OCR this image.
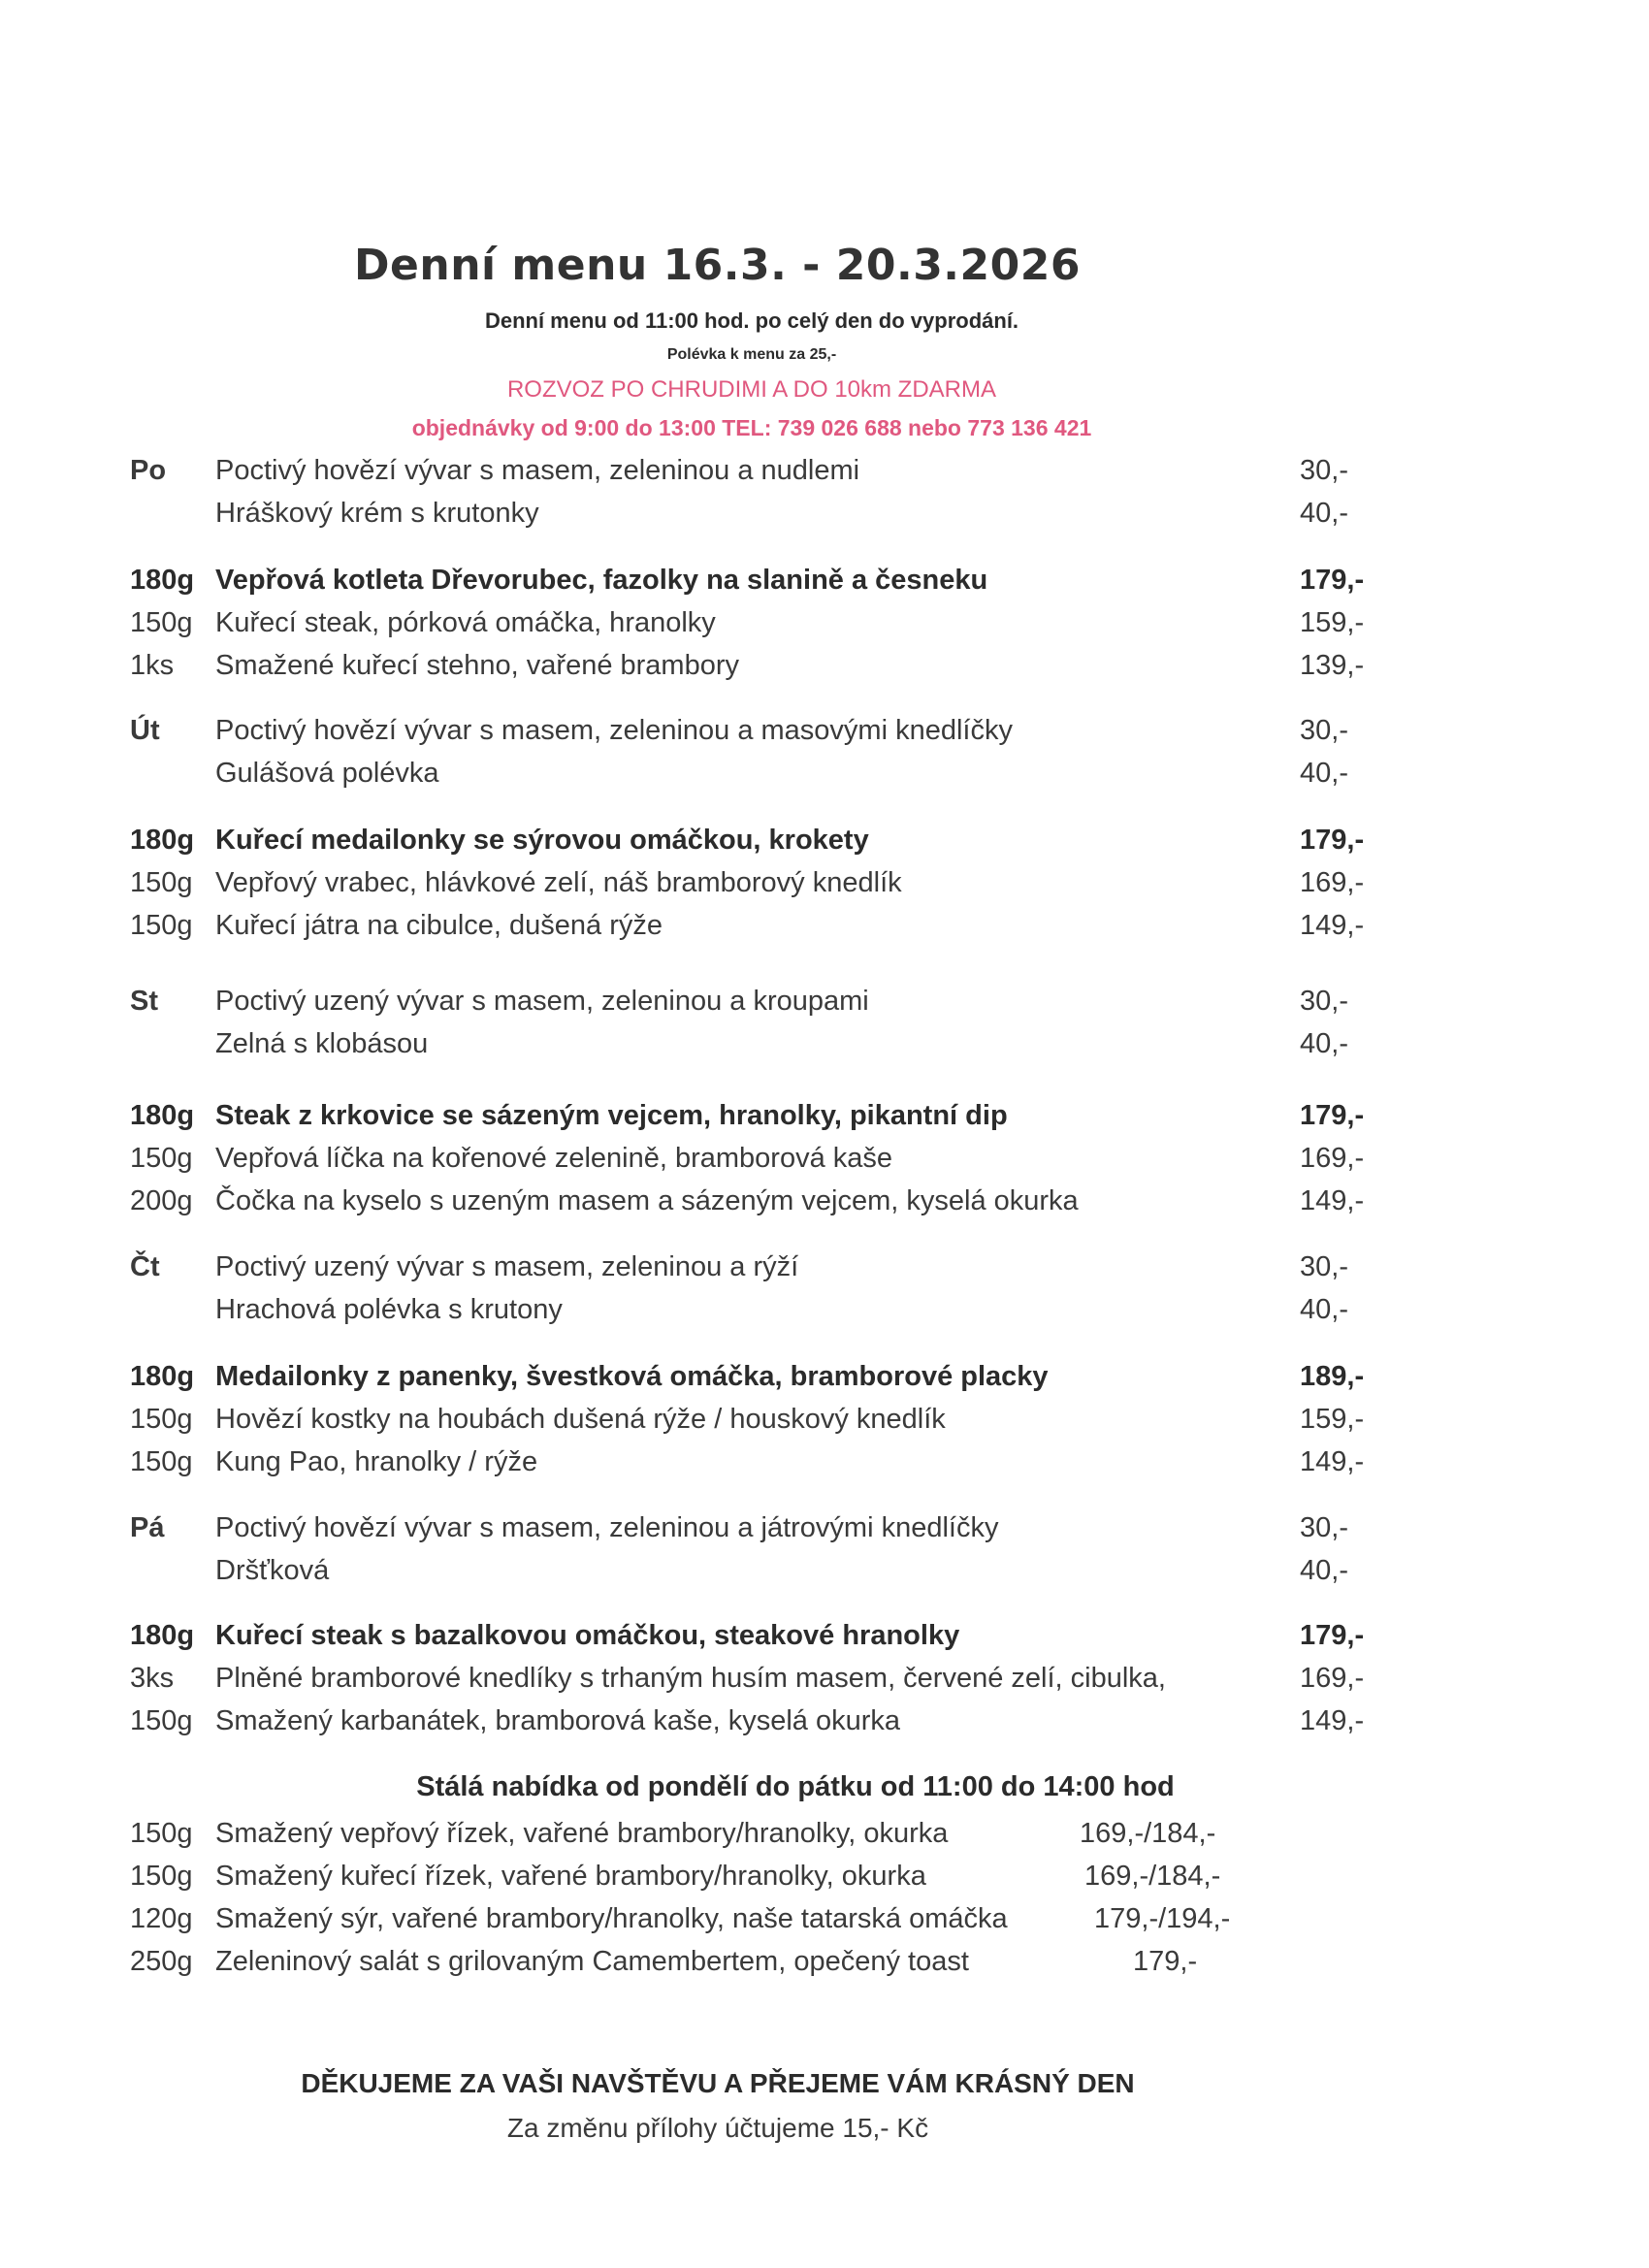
Denní menu 16.3. - 20.3.2026
Denní menu od 11:00 hod. po celý den do vyprodání.
Polévka k menu za 25,-
ROZVOZ PO CHRUDIMI A DO 10km ZDARMA
objednávky od 9:00 do 13:00 TEL: 739 026 688 nebo 773 136 421
Po Poctivý hovězí vývar s masem, zeleninou a nudlemi	30,-
Hráškový krém s krutonky	40,-
180g Vepřová kotleta Dřevorubec, fazolky na slanině a česneku	179,-
150g Kuřecí steak, pórková omáčka, hranolky	159,-
1ks Smažené kuřecí stehno, vařené brambory	139,-
Út Poctivý hovězí vývar s masem, zeleninou a masovými knedlíčky	30,-
Gulášová polévka	40,-
180g Kuřecí medailonky se sýrovou omáčkou, krokety	179,-
150g Vepřový vrabec, hlávkové zelí, náš bramborový knedlík	169,-
150g Kuřecí játra na cibulce, dušená rýže	149,-
St Poctivý uzený vývar s masem, zeleninou a kroupami	30,-
Zelná s klobásou	40,-
180g Steak z krkovice se sázeným vejcem, hranolky, pikantní dip	179,-
150g Vepřová líčka na kořenové zelenině, bramborová kaše	169,-
200g Čočka na kyselo s uzeným masem a sázeným vejcem, kyselá okurka	149,-
Čt Poctivý uzený vývar s masem, zeleninou a rýží	30,-
Hrachová polévka s krutony	40,-
180g Medailonky z panenky, švestková omáčka, bramborové placky	189,-
150g Hovězí kostky na houbách dušená rýže / houskový knedlík	159,-
150g Kung Pao, hranolky / rýže	149,-
Pá Poctivý hovězí vývar s masem, zeleninou a játrovými knedlíčky	30,-
Dršťková	40,-
180g Kuřecí steak s bazalkovou omáčkou, steakové hranolky	179,-
3ks Plněné bramborové knedlíky s trhaným husím masem, červené zelí, cibulka,	169,-
150g Smažený karbanátek, bramborová kaše, kyselá okurka	149,-
Stálá nabídka od pondělí do pátku od 11:00 do 14:00 hod
150g Smažený vepřový řízek, vařené brambory/hranolky, okurka	169,-/184,-
150g Smažený kuřecí řízek, vařené brambory/hranolky, okurka	169,-/184,-
120g Smažený sýr, vařené brambory/hranolky, naše tatarská omáčka	179,-/194,-
250g Zeleninový salát s grilovaným Camembertem, opečený toast	179,-
DĚKUJEME ZA VAŠI NAVŠTĚVU A PŘEJEME VÁM KRÁSNÝ DEN
Za změnu přílohy účtujeme 15,- Kč
